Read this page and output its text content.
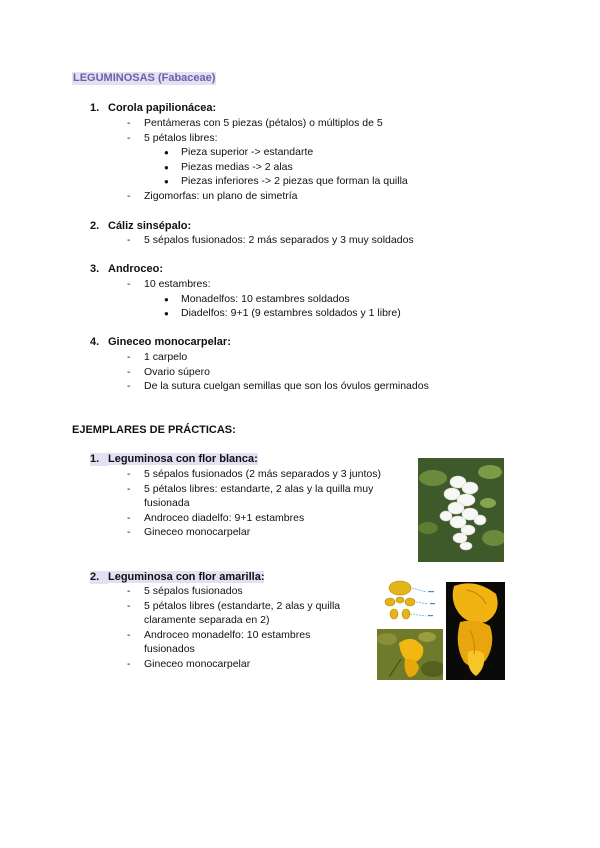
LEGUMINOSAS (Fabaceae)
1. Corola papilionácea:
- Pentámeras con 5 piezas (pétalos) o múltiplos de 5
- 5 pétalos libres:
● Pieza superior -> estandarte
● Piezas medias -> 2 alas
● Piezas inferiores -> 2 piezas que forman la quilla
- Zigomorfas: un plano de simetría
2. Cáliz sinsépalo:
- 5 sépalos fusionados: 2 más separados y 3 muy soldados
3. Androceo:
- 10 estambres:
● Monadelfos: 10 estambres soldados
● Diadelfos: 9+1 (9 estambres soldados y 1 libre)
4. Gineceo monocarpelar:
- 1 carpelo
- Ovario súpero
- De la sutura cuelgan semillas que son los óvulos germinados
EJEMPLARES DE PRÁCTICAS:
1. Leguminosa con flor blanca:
- 5 sépalos fusionados (2 más separados y 3 juntos)
- 5 pétalos libres: estandarte, 2 alas y la quilla muy
fusionada
- Androceo diadelfo: 9+1 estambres
- Gineceo monocarpelar
2. Leguminosa con flor amarilla:
- 5 sépalos fusionados
- 5 pétalos libres (estandarte, 2 alas y quilla
claramente separada en 2)
- Androceo monadelfo: 10 estambres
fusionados
- Gineceo monocarpelar
